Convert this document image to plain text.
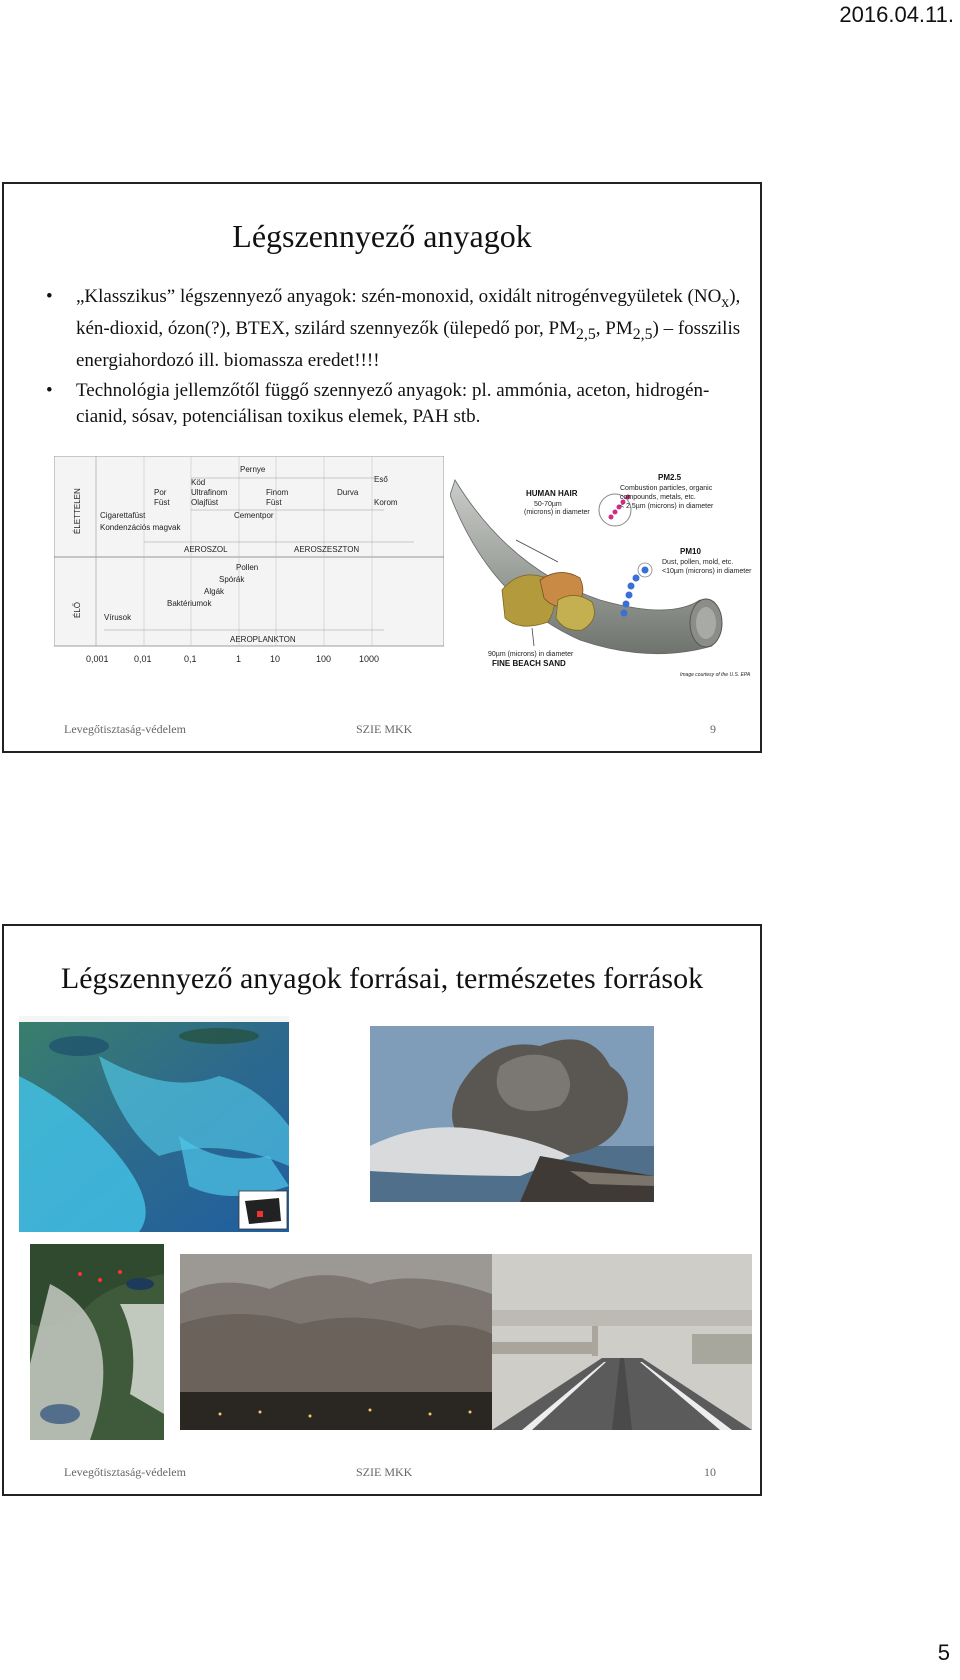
2016.04.11.
Légszennyező anyagok
• „Klasszikus” légszennyező anyagok: szén-monoxid, oxidált nitrogénvegyületek $(NO_x)$, kén-dioxid, ózon(?), BTEX, szilárd szennyezők (ülepedő por, $PM_{2,5}$, $PM_{2,5}$) – fosszilis energiahordozó ill. biomassza eredet!!!!
• Technológia jellemzőtől függő szennyező anyagok: pl. ammónia, aceton, hidrogén-cianid, sósav, potenciálisan toxikus elemek, PAH stb.
ÉLETTELEN
ÉLŐ
Pernye
Eső
Köd
Por	Ultrafinom	Finom	Durva
Füst	Olajfüst	Füst	Korom
Cigarettafüst	Cementpor
Kondenzációs magvak
AEROSZOL	AEROSZESZTON
Pollen
Spórák
Algák
Baktériumok
Vírusok
AEROPLANKTON
0,001	0,01	0,1	1	10	100	1000
PM2.5
Combustion particles, organic
compounds, metals, etc.
< 2.5µm (microns) in diameter
PM10
Dust, pollen, mold, etc.
<10µm (microns) in diameter
HUMAN HAIR
50-70µm
(microns) in diameter
90µm (microns) in diameter
FINE BEACH SAND
Image courtesy of the U.S. EPA
Levegőtisztaság-védelem	SZIE MKK	9
Légszennyező anyagok forrásai, természetes források
Levegőtisztaság-védelem	SZIE MKK	10
5
